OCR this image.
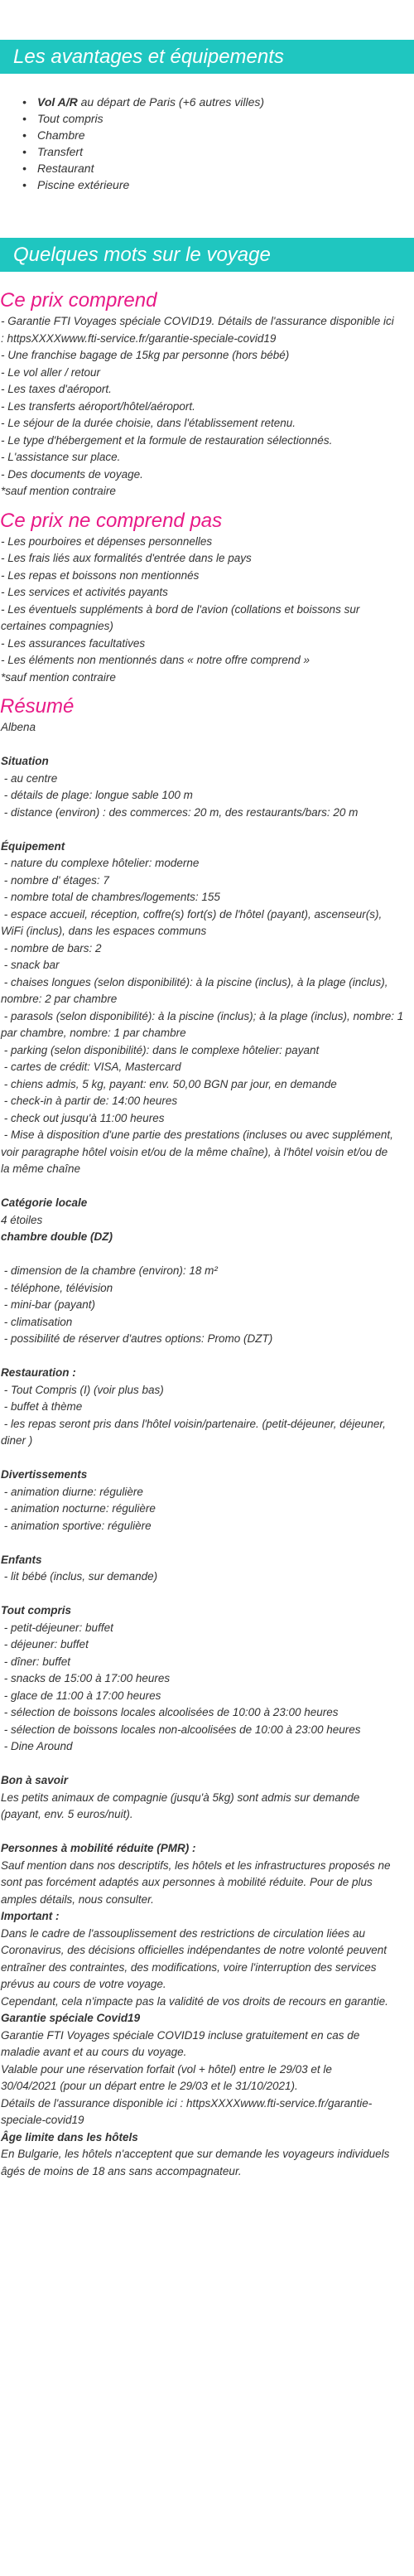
Les avantages et équipements
• Vol A/R au départ de Paris (+6 autres villes)
• Tout compris
• Chambre
• Transfert
• Restaurant
• Piscine extérieure
Quelques mots sur le voyage
Ce prix comprend
- Garantie FTI Voyages spéciale COVID19. Détails de l'assurance disponible ici
: httpsXXXXwww.fti-service.fr/garantie-speciale-covid19
- Une franchise bagage de 15kg par personne (hors bébé)
- Le vol aller / retour
- Les taxes d'aéroport.
- Les transferts aéroport/hôtel/aéroport.
- Le séjour de la durée choisie, dans l'établissement retenu.
- Le type d'hébergement et la formule de restauration sélectionnés.
- L'assistance sur place.
- Des documents de voyage.
*sauf mention contraire
Ce prix ne comprend pas
- Les pourboires et dépenses personnelles
- Les frais liés aux formalités d'entrée dans le pays
- Les repas et boissons non mentionnés
- Les services et activités payants
- Les éventuels suppléments à bord de l'avion (collations et boissons sur
certaines compagnies)
- Les assurances facultatives
- Les éléments non mentionnés dans « notre offre comprend »
*sauf mention contraire
Résumé
Albena
Situation
- au centre
- détails de plage: longue sable 100 m
- distance (environ) : des commerces: 20 m, des restaurants/bars: 20 m
Équipement
- nature du complexe hôtelier: moderne
- nombre d' étages: 7
- nombre total de chambres/logements: 155
- espace accueil, réception, coffre(s) fort(s) de l'hôtel (payant), ascenseur(s),
WiFi (inclus), dans les espaces communs
- nombre de bars: 2
- snack bar
- chaises longues (selon disponibilité): à la piscine (inclus), à la plage (inclus),
nombre: 2 par chambre
- parasols (selon disponibilité): à la piscine (inclus); à la plage (inclus), nombre: 1
par chambre, nombre: 1 par chambre
- parking (selon disponibilité): dans le complexe hôtelier: payant
- cartes de crédit: VISA, Mastercard
- chiens admis, 5 kg, payant: env. 50,00 BGN par jour, en demande
- check-in à partir de: 14:00 heures
- check out jusqu'à 11:00 heures
- Mise à disposition d'une partie des prestations (incluses ou avec supplément,
voir paragraphe hôtel voisin et/ou de la même chaîne), à l'hôtel voisin et/ou de
la même chaîne
Catégorie locale
4 étoiles
chambre double (DZ)
- dimension de la chambre (environ): 18 m²
- téléphone, télévision
- mini-bar (payant)
- climatisation
- possibilité de réserver d'autres options: Promo (DZT)
Restauration :
- Tout Compris (I) (voir plus bas)
- buffet à thème
- les repas seront pris dans l'hôtel voisin/partenaire. (petit-déjeuner, déjeuner,
diner )
Divertissements
- animation diurne: régulière
- animation nocturne: régulière
- animation sportive: régulière
Enfants
- lit bébé (inclus, sur demande)
Tout compris
- petit-déjeuner: buffet
- déjeuner: buffet
- dîner: buffet
- snacks de 15:00 à 17:00 heures
- glace de 11:00 à 17:00 heures
- sélection de boissons locales alcoolisées de 10:00 à 23:00 heures
- sélection de boissons locales non-alcoolisées de 10:00 à 23:00 heures
- Dine Around
Bon à savoir
Les petits animaux de compagnie (jusqu'à 5kg) sont admis sur demande
(payant, env. 5 euros/nuit).
Personnes à mobilité réduite (PMR) :
Sauf mention dans nos descriptifs, les hôtels et les infrastructures proposés ne
sont pas forcément adaptés aux personnes à mobilité réduite. Pour de plus
amples détails, nous consulter.
Important :
Dans le cadre de l'assouplissement des restrictions de circulation liées au
Coronavirus, des décisions officielles indépendantes de notre volonté peuvent
entraîner des contraintes, des modifications, voire l'interruption des services
prévus au cours de votre voyage.
Cependant, cela n'impacte pas la validité de vos droits de recours en garantie.
Garantie spéciale Covid19
Garantie FTI Voyages spéciale COVID19 incluse gratuitement en cas de
maladie avant et au cours du voyage.
Valable pour une réservation forfait (vol + hôtel) entre le 29/03 et le
30/04/2021 (pour un départ entre le 29/03 et le 31/10/2021).
Détails de l'assurance disponible ici : httpsXXXXwww.fti-service.fr/garantie-
speciale-covid19
Âge limite dans les hôtels
En Bulgarie, les hôtels n'acceptent que sur demande les voyageurs individuels
âgés de moins de 18 ans sans accompagnateur.
